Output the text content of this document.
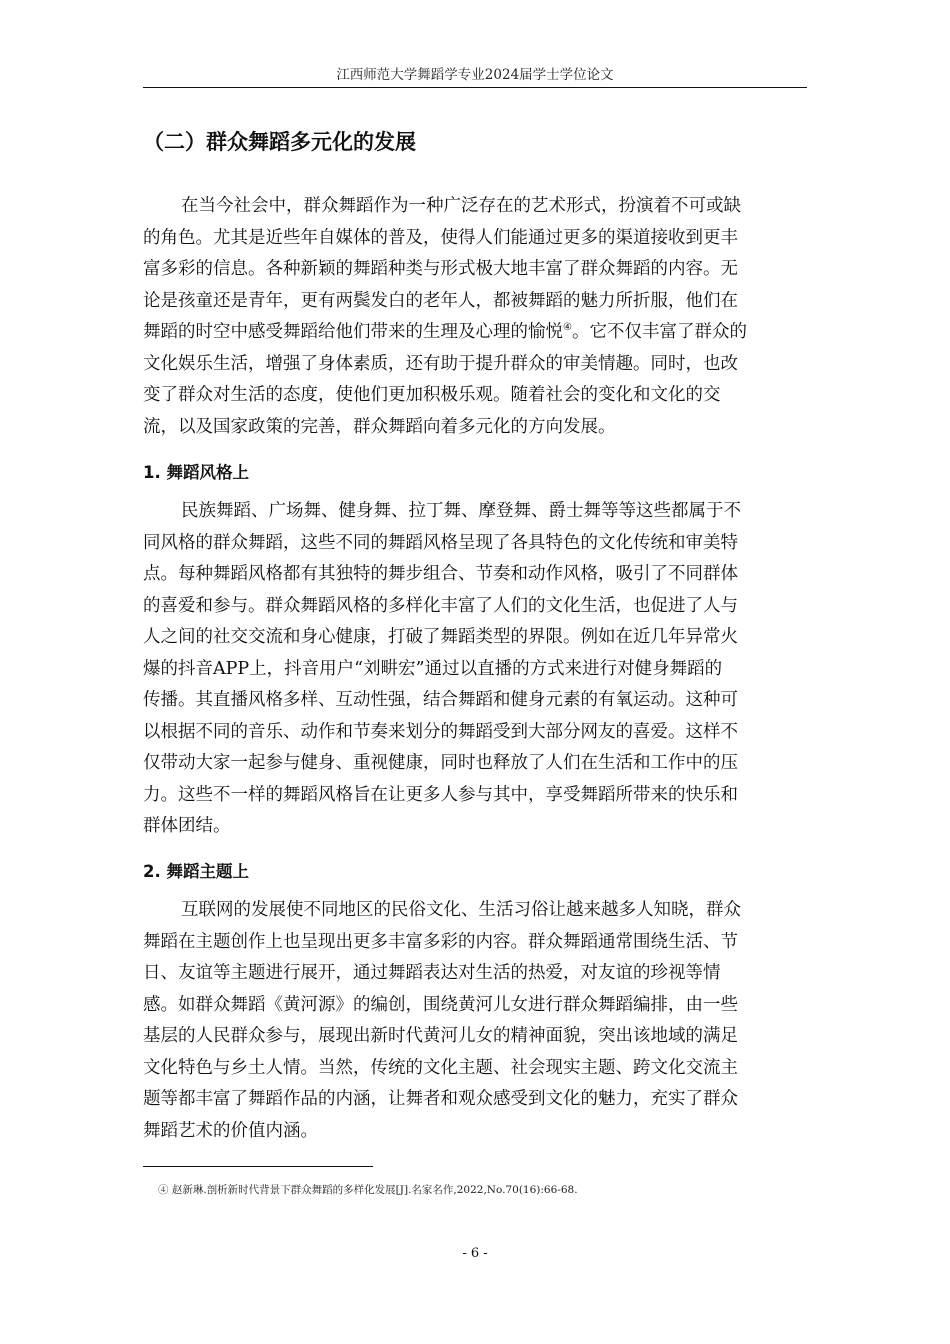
江西师范大学舞蹈学专业2024届学士学位论文
（二）群众舞蹈多元化的发展
在当今社会中，群众舞蹈作为一种广泛存在的艺术形式，扮演着不可或缺
的角色。尤其是近些年自媒体的普及，使得人们能通过更多的渠道接收到更丰
富多彩的信息。各种新颖的舞蹈种类与形式极大地丰富了群众舞蹈的内容。无
论是孩童还是青年，更有两鬓发白的老年人，都被舞蹈的魅力所折服，他们在
舞蹈的时空中感受舞蹈给他们带来的生理及心理的愉悦④。它不仅丰富了群众的
文化娱乐生活，增强了身体素质，还有助于提升群众的审美情趣。同时，也改
变了群众对生活的态度，使他们更加积极乐观。随着社会的变化和文化的交
流，以及国家政策的完善，群众舞蹈向着多元化的方向发展。
1. 舞蹈风格上
民族舞蹈、广场舞、健身舞、拉丁舞、摩登舞、爵士舞等等这些都属于不
同风格的群众舞蹈，这些不同的舞蹈风格呈现了各具特色的文化传统和审美特
点。每种舞蹈风格都有其独特的舞步组合、节奏和动作风格，吸引了不同群体
的喜爱和参与。群众舞蹈风格的多样化丰富了人们的文化生活，也促进了人与
人之间的社交交流和身心健康，打破了舞蹈类型的界限。例如在近几年异常火
爆的抖音APP上，抖音用户“刘畊宏”通过以直播的方式来进行对健身舞蹈的
传播。其直播风格多样、互动性强，结合舞蹈和健身元素的有氧运动。这种可
以根据不同的音乐、动作和节奏来划分的舞蹈受到大部分网友的喜爱。这样不
仅带动大家一起参与健身、重视健康，同时也释放了人们在生活和工作中的压
力。这些不一样的舞蹈风格旨在让更多人参与其中，享受舞蹈所带来的快乐和
群体团结。
2. 舞蹈主题上
互联网的发展使不同地区的民俗文化、生活习俗让越来越多人知晓，群众
舞蹈在主题创作上也呈现出更多丰富多彩的内容。群众舞蹈通常围绕生活、节
日、友谊等主题进行展开，通过舞蹈表达对生活的热爱，对友谊的珍视等情
感。如群众舞蹈《黄河源》的编创，围绕黄河儿女进行群众舞蹈编排，由一些
基层的人民群众参与，展现出新时代黄河儿女的精神面貌，突出该地域的满足
文化特色与乡土人情。当然，传统的文化主题、社会现实主题、跨文化交流主
题等都丰富了舞蹈作品的内涵，让舞者和观众感受到文化的魅力，充实了群众
舞蹈艺术的价值内涵。
④ 赵新琳.剖析新时代背景下群众舞蹈的多样化发展[J].名家名作,2022,No.70(16):66-68.
- 6 -
